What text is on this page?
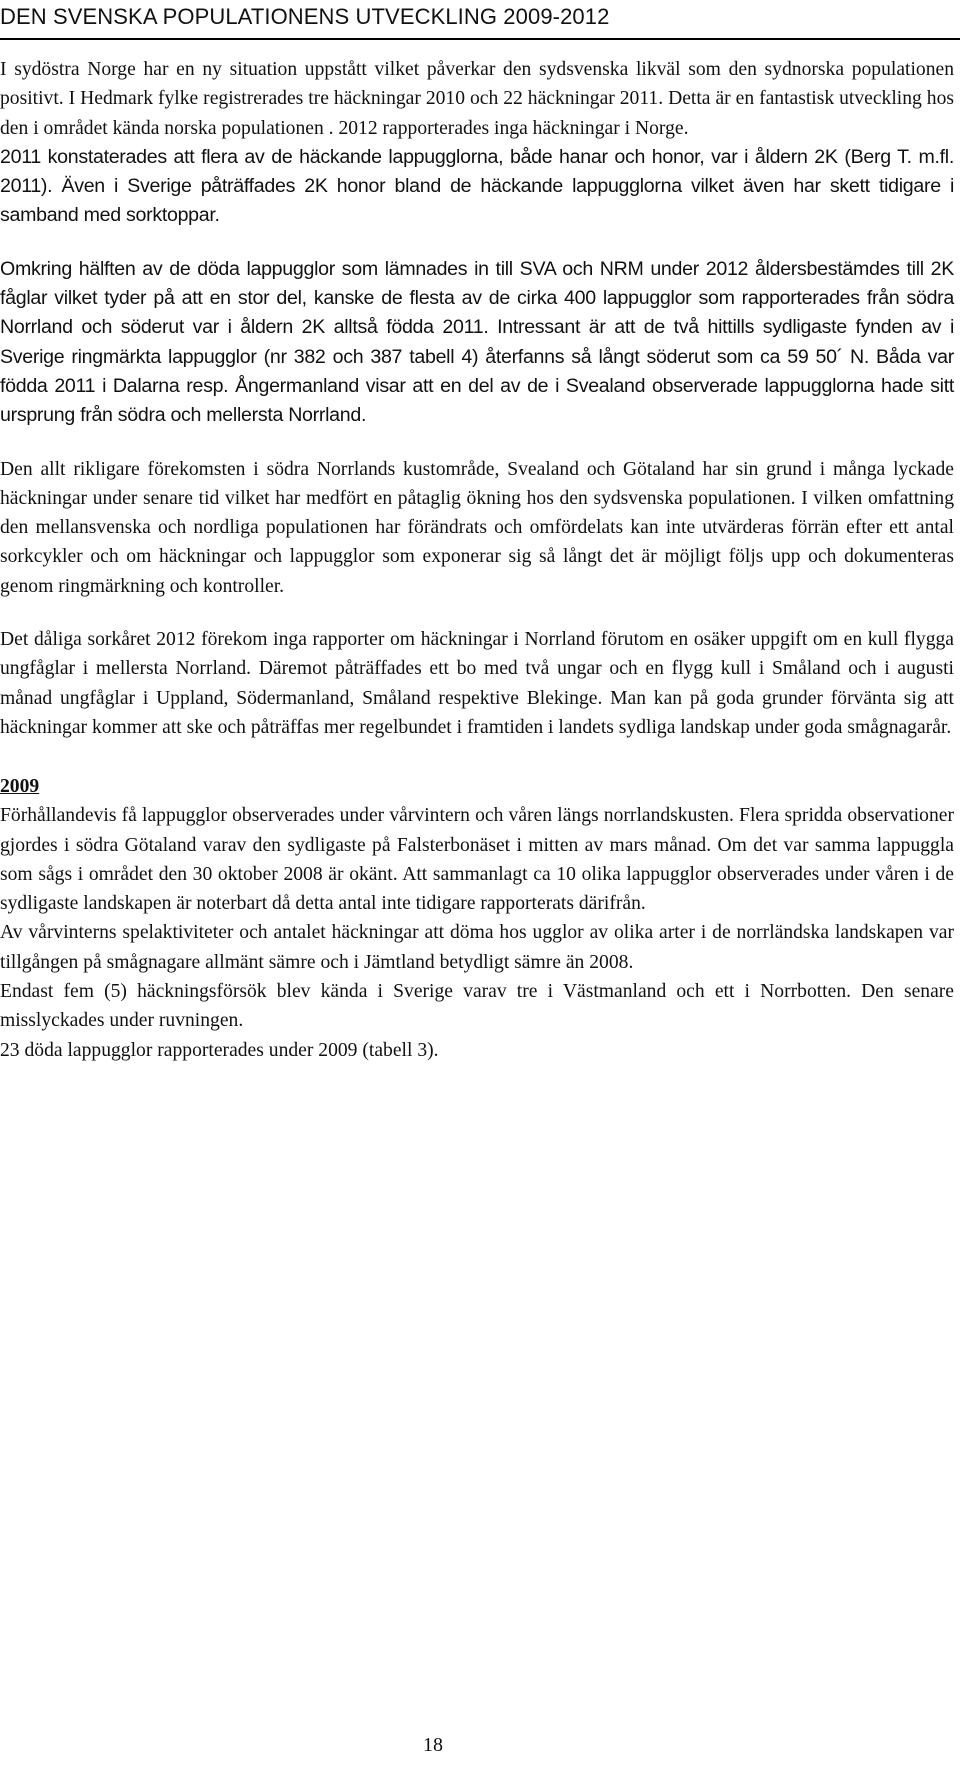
DEN SVENSKA POPULATIONENS UTVECKLING 2009-2012

I sydöstra Norge har en ny situation uppstått vilket påverkar den sydsvenska likväl som den sydnorska populationen positivt. I Hedmark fylke registrerades tre häckningar 2010 och 22 häckningar 2011. Detta är en fantastisk utveckling hos den i området kända norska populationen . 2012 rapporterades inga häckningar i Norge.

2011 konstaterades att flera av de häckande lappugglorna, både hanar och honor, var i åldern 2K (Berg T. m.fl. 2011). Även i Sverige påträffades 2K honor bland de häckande lappugglorna vilket även har skett tidigare i samband med sorktoppar.

Omkring hälften av de döda lappugglor som lämnades in till SVA och NRM under 2012 åldersbestämdes till 2K fåglar vilket tyder på att en stor del, kanske de flesta av de cirka 400 lappugglor som rapporterades från södra Norrland och söderut var i åldern 2K alltså födda 2011. Intressant är att de två hittills sydligaste fynden av i Sverige ringmärkta lappugglor (nr 382 och 387 tabell 4) återfanns så långt söderut som ca 59 50´ N. Båda var födda 2011 i Dalarna resp. Ångermanland visar att en del av de i Svealand observerade lappugglorna hade sitt ursprung från södra och mellersta Norrland.

Den allt rikligare förekomsten i södra Norrlands kustområde, Svealand och Götaland har sin grund i många lyckade häckningar under senare tid vilket har medfört en påtaglig ökning hos den sydsvenska populationen. I vilken omfattning den mellansvenska och nordliga populationen har förändrats och omfördelats kan inte utvärderas förrän efter ett antal sorkcykler och om häckningar och lappugglor som exponerar sig så långt det är möjligt följs upp och dokumenteras genom ringmärkning och kontroller.

Det dåliga sorkåret 2012 förekom inga rapporter om häckningar i Norrland förutom en osäker uppgift om en kull flygga ungfåglar i mellersta Norrland. Däremot påträffades ett bo med två ungar och en flygg kull i Småland och i augusti månad ungfåglar i Uppland, Södermanland, Småland respektive Blekinge. Man kan på goda grunder förvänta sig att häckningar kommer att ske och påträffas mer regelbundet i framtiden i landets sydliga landskap under goda smågnagarår.

2009

Förhållandevis få lappugglor observerades under vårvintern och våren längs norrlandskusten. Flera spridda observationer gjordes i södra Götaland varav den sydligaste på Falsterbonäset i mitten av mars månad. Om det var samma lappuggla som sågs i området den 30 oktober 2008 är okänt. Att sammanlagt ca 10 olika lappugglor observerades under våren i de sydligaste landskapen är noterbart då detta antal inte tidigare rapporterats därifrån.

Av vårvinterns spelaktiviteter och antalet häckningar att döma hos ugglor av olika arter i de norrländska landskapen var tillgången på smågnagare allmänt sämre och i Jämtland betydligt sämre än 2008.

Endast fem (5) häckningsförsök blev kända i Sverige varav tre i Västmanland och ett i Norrbotten. Den senare misslyckades under ruvningen.

23 döda lappugglor rapporterades under 2009 (tabell 3).

18
